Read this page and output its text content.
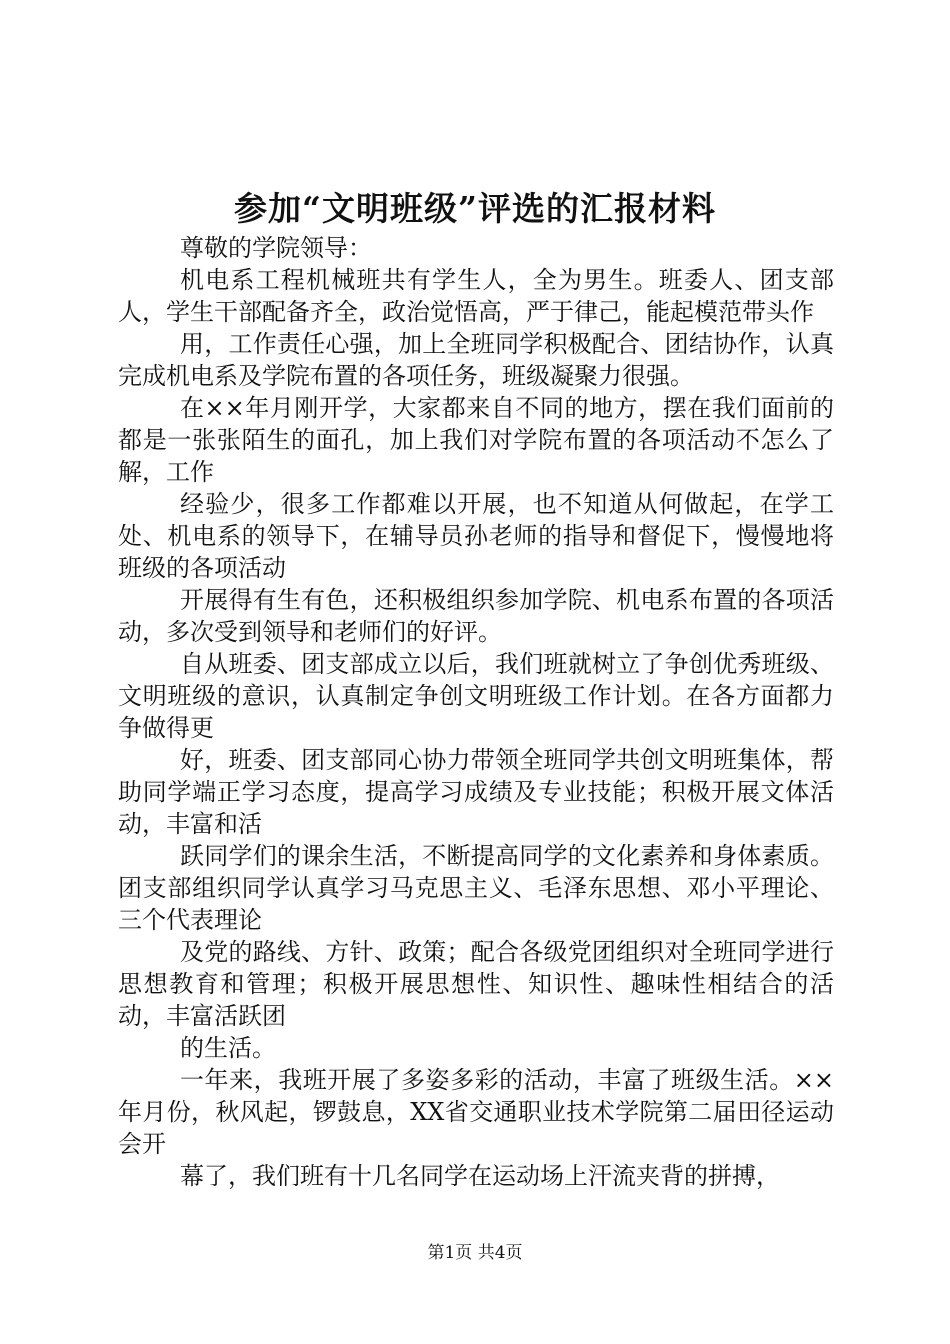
参加“文明班级”评选的汇报材料

尊敬的学院领导：

机电系工程机械班共有学生人，全为男生。班委人、团支部人，学生干部配备齐全，政治觉悟高，严于律己，能起模范带头作

用，工作责任心强，加上全班同学积极配合、团结协作，认真完成机电系及学院布置的各项任务，班级凝聚力很强。

在××年月刚开学，大家都来自不同的地方，摆在我们面前的都是一张张陌生的面孔，加上我们对学院布置的各项活动不怎么了解，工作

经验少，很多工作都难以开展，也不知道从何做起，在学工处、机电系的领导下，在辅导员孙老师的指导和督促下，慢慢地将班级的各项活动

开展得有生有色，还积极组织参加学院、机电系布置的各项活动，多次受到领导和老师们的好评。

自从班委、团支部成立以后，我们班就树立了争创优秀班级、文明班级的意识，认真制定争创文明班级工作计划。在各方面都力争做得更

好，班委、团支部同心协力带领全班同学共创文明班集体，帮助同学端正学习态度，提高学习成绩及专业技能；积极开展文体活动，丰富和活

跃同学们的课余生活，不断提高同学的文化素养和身体素质。团支部组织同学认真学习马克思主义、毛泽东思想、邓小平理论、三个代表理论

及党的路线、方针、政策；配合各级党团组织对全班同学进行思想教育和管理；积极开展思想性、知识性、趣味性相结合的活动，丰富活跃团

的生活。

一年来，我班开展了多姿多彩的活动，丰富了班级生活。××年月份，秋风起，锣鼓息，XX省交通职业技术学院第二届田径运动会开

幕了，我们班有十几名同学在运动场上汗流夹背的拼搏，

第1页 共4页
